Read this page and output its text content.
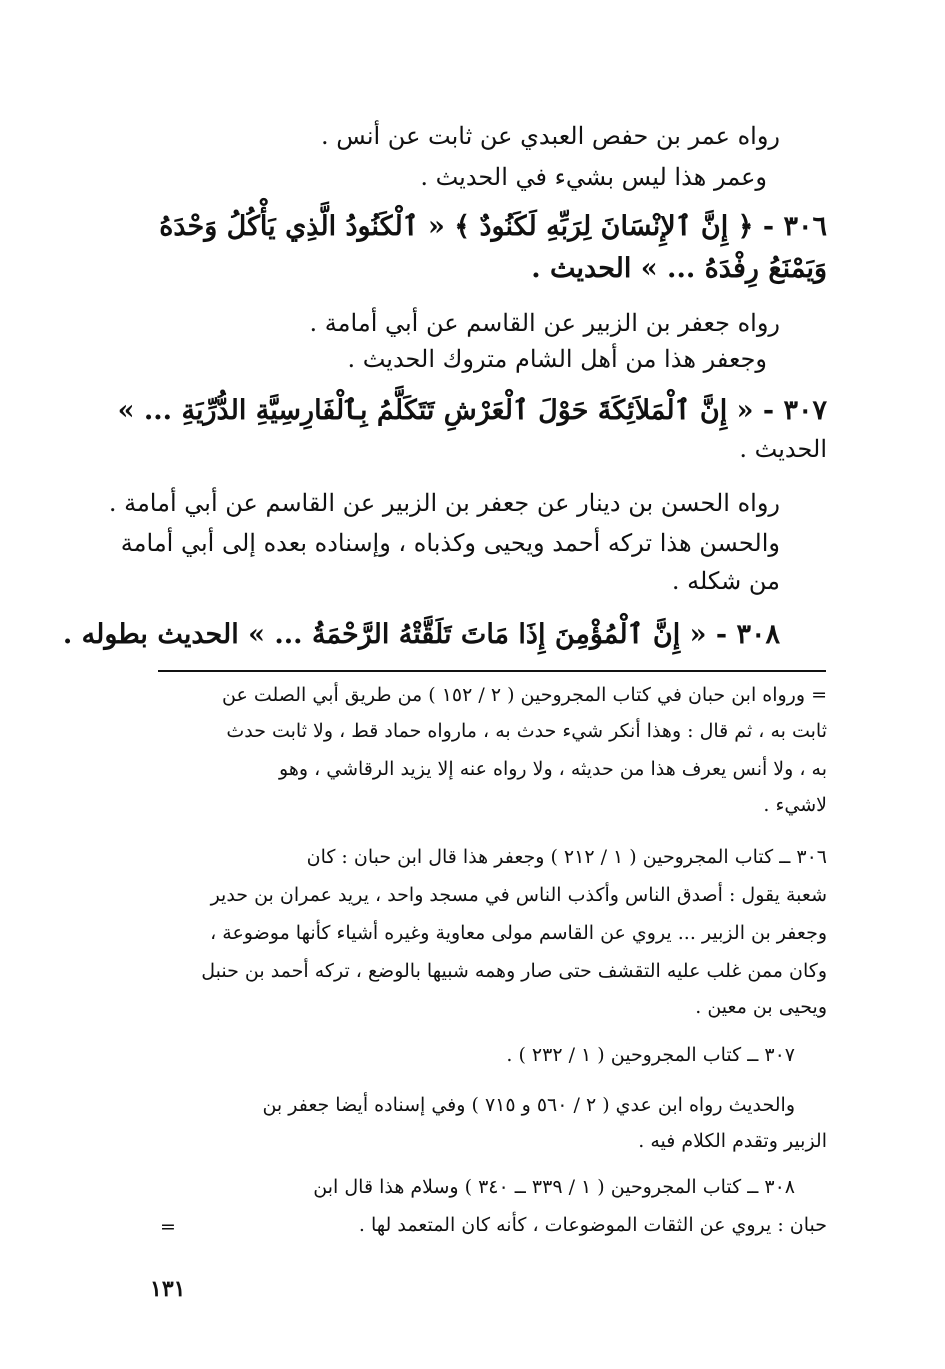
رواه عمر بن حفص العبدي عن ثابت عن أنس .
وعمر هذا ليس بشيء في الحديث .
٣٠٦ - ﴿ إِنَّ ٱلإِنْسَانَ لِرَبِّهِ لَكَنُودٌ ﴾ « ٱلْكَنُودُ الَّذِي يَأْكُلُ وَحْدَهُ
وَيَمْنَعُ رِفْدَهُ ... » الحديث .
رواه جعفر بن الزبير عن القاسم عن أبي أمامة .
وجعفر هذا من أهل الشام متروك الحديث .
٣٠٧ - « إِنَّ ٱلْمَلاَئِكَةَ حَوْلَ ٱلْعَرْشِ تَتَكَلَّمُ بِٱلْفَارِسِيَّةِ الدُّرِّيَةِ ... »
الحديث .
رواه الحسن بن دينار عن جعفر بن الزبير عن القاسم عن أبي أمامة .
والحسن هذا تركه أحمد ويحيى وكذباه ، وإسناده بعده إلى أبي أمامة
من شكله .
٣٠٨ - « إِنَّ ٱلْمُؤْمِنَ إِذَا مَاتَ تَلَقَّتْهُ الرَّحْمَةُ ... » الحديث بطوله .
= ورواه ابن حبان في كتاب المجروحين ( ٢ / ١٥٢ ) من طريق أبي الصلت عن
ثابت به ، ثم قال : وهذا أنكر شيء حدث به ، مارواه حماد قط ، ولا ثابت حدث
به ، ولا أنس يعرف هذا من حديثه ، ولا رواه عنه إلا يزيد الرقاشي ، وهو
لاشيء .
٣٠٦ ــ كتاب المجروحين ( ١ / ٢١٢ ) وجعفر هذا قال ابن حبان : كان
شعبة يقول : أصدق الناس وأكذب الناس في مسجد واحد ، يريد عمران بن حدير
وجعفر بن الزبير ... يروي عن القاسم مولى معاوية وغيره أشياء كأنها موضوعة ،
وكان ممن غلب عليه التقشف حتى صار وهمه شبيها بالوضع ، تركه أحمد بن حنبل
ويحيى بن معين .
٣٠٧ ــ كتاب المجروحين ( ١ / ٢٣٢ ) .
والحديث رواه ابن عدي ( ٢ / ٥٦٠ و ٧١٥ ) وفي إسناده أيضا جعفر بن
الزبير وتقدم الكلام فيه .
٣٠٨ ــ كتاب المجروحين ( ١ / ٣٣٩ ــ ٣٤٠ ) وسلام هذا قال ابن
حبان : يروي عن الثقات الموضوعات ، كأنه كان المتعمد لها .
=
١٣١
